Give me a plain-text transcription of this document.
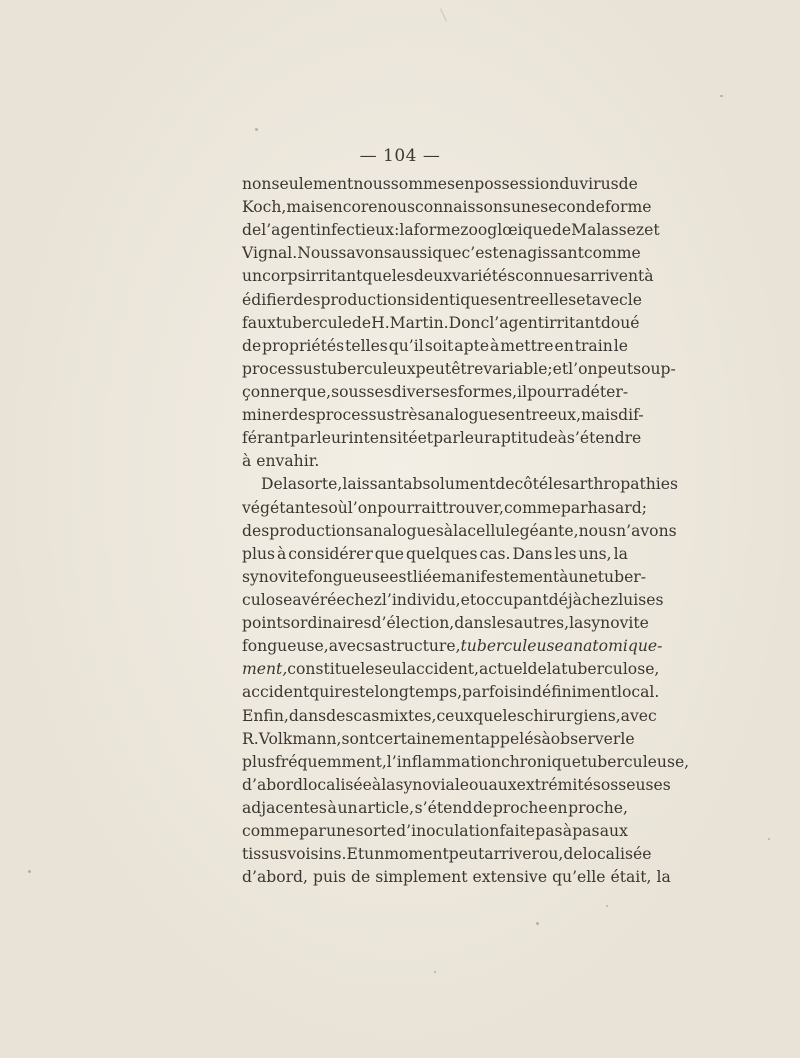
— 104 —
non seulement nous sommes en possession du virus de
Koch, mais encore nous connaissons une seconde forme
de l’agent infectieux : la forme zooglœique de Malassez et
Vignal. Nous savons aussi que c’est en agissant comme
un corps irritant que les deux variétés connues arrivent à
édifier des productions identiques entre elles et avec le
faux tubercule de H. Martin. Donc l’agent irritant doué
de propriétés telles qu’il soit apte à mettre en train le
processus tuberculeux peut être variable; et l’on peut soup-
çonner que, sous ses diverses formes, il pourra déter-
miner des processus très analogues entre eux, mais dif-
férant par leur intensité et par leur aptitude à s’étendre
à envahir.
De la sorte, laissant absolument de côté les arthropathies
végétantes où l’on pourrait trouver, comme par hasard;
des productions analogues à la cellule géante, nous n’avons
plus à considérer que quelques cas. Dans les uns, la
synovite fongueuse est liée manifestement à une tuber-
culose avérée chez l’individu, et occupant déjà chez lui ses
points ordinaires d’élection, dans les autres, la synovite
fongueuse, avec sa structure, tuberculeuse anatomique-
ment, constitue le seul accident, actuel de la tuberculose,
accident qui reste longtemps, parfois indéfiniment local.
Enfin, dans des cas mixtes, ceux que les chirurgiens, avec
R. Volkmann, sont certainement appelés à observer le
plus fréquemment, l’inflammation chronique tuberculeuse,
d’abord localisée à la synoviale ou aux extrémités osseuses
adjacentes à un article, s’étend de proche en proche,
comme par une sorte d’inoculation faite pas à pas aux
tissus voisins. Et un moment peut arriver ou, de localisée
d’abord, puis de simplement extensive qu’elle était, la
